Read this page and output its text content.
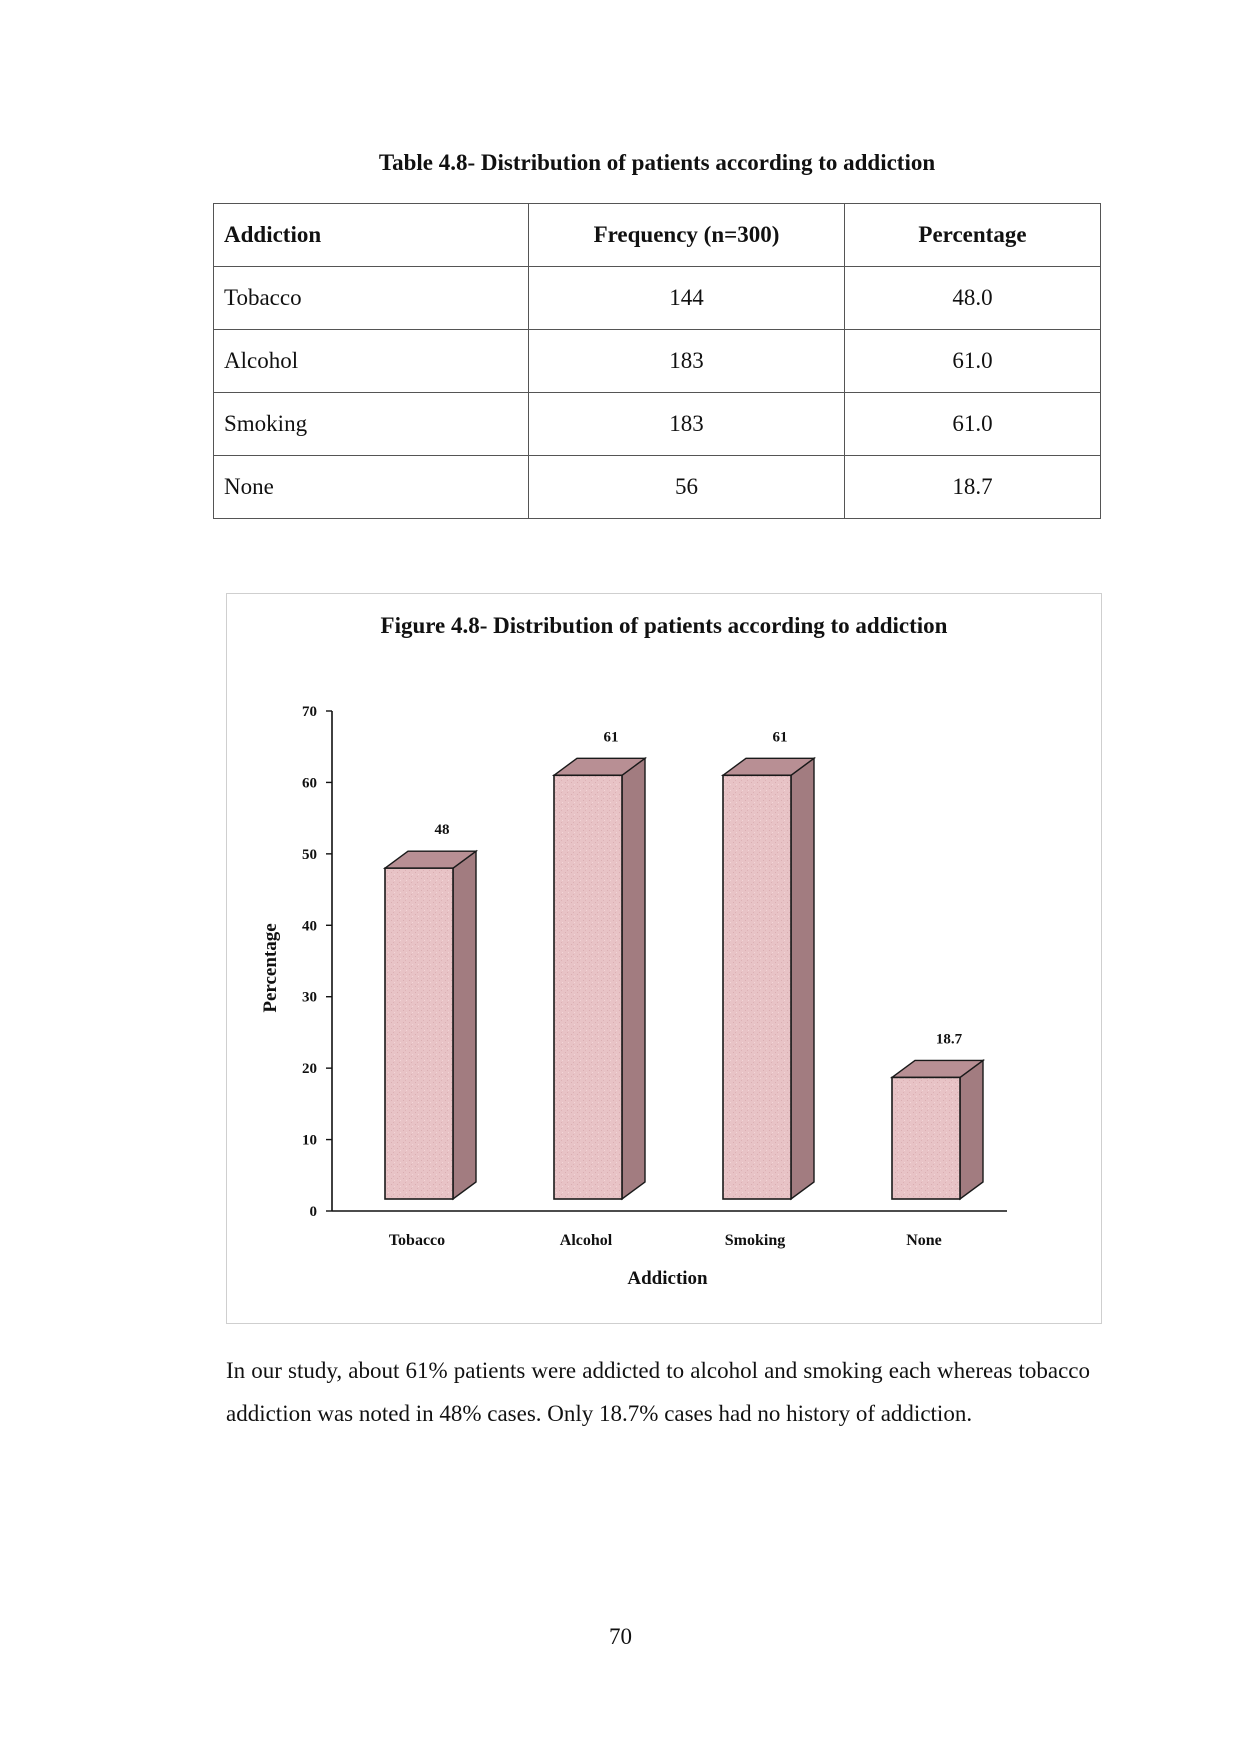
Table 4.8- Distribution of patients according to addiction
Addiction	Frequency (n=300)	Percentage
Tobacco	144	48.0
Alcohol	183	61.0
Smoking	183	61.0
None	56	18.7
Figure 4.8- Distribution of patients according to addiction
0
10
20
30
40
50
60
70
48
Tobacco
61
Alcohol
61
Smoking
18.7
None
Addiction
Percentage

In our study, about 61% patients were addicted to alcohol and smoking each whereas tobacco addiction was noted in 48% cases. Only 18.7% cases had no history of addiction.

70
